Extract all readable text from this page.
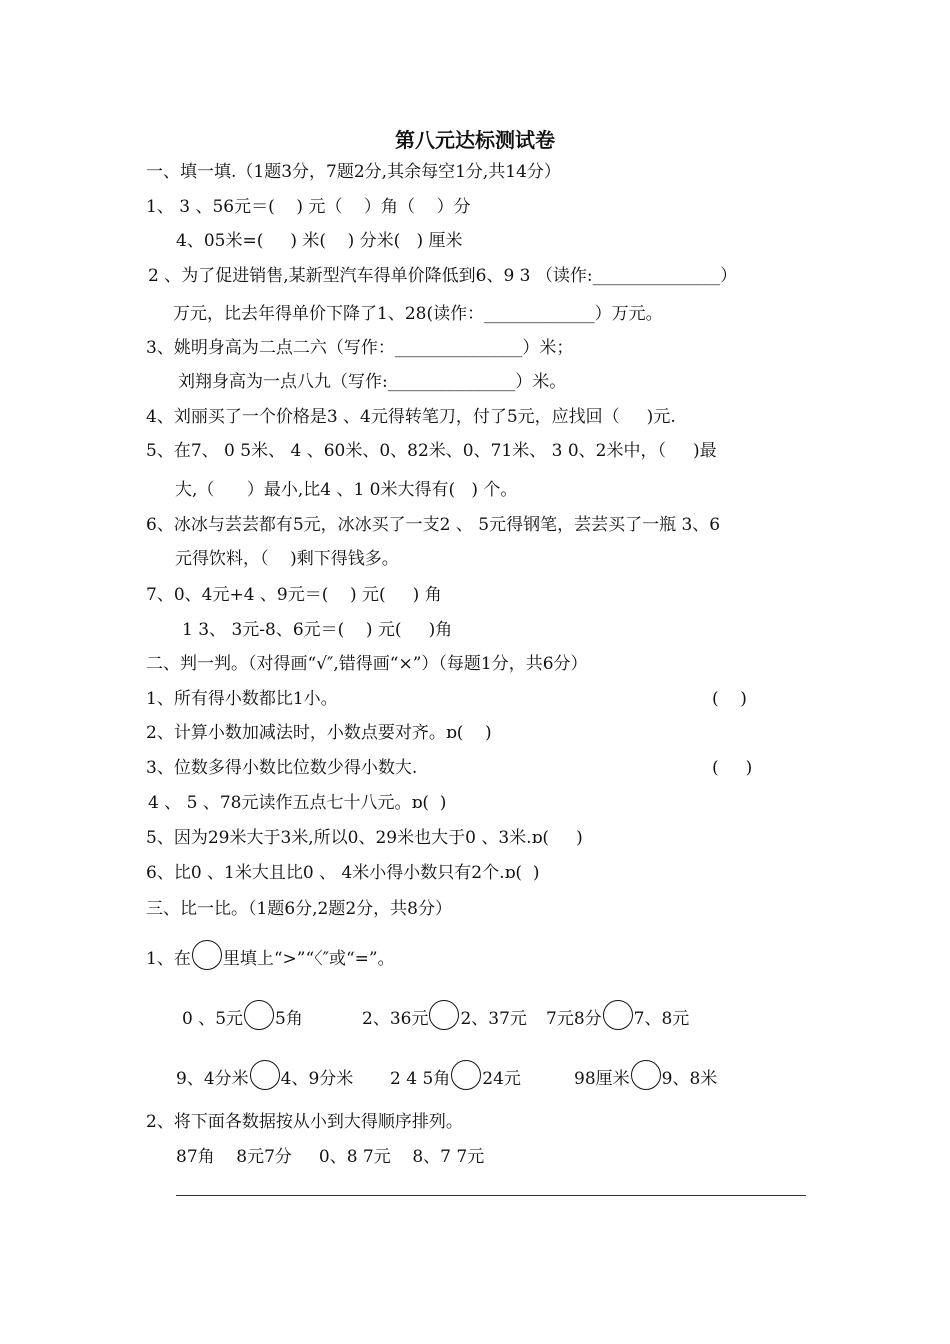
第八元达标测试卷
一、填一填.（1题3分，7题2分,其余每空1分,共14分）
1、 3 、56元＝(    ) 元（    ）角（    ）分
4、05米=(     ) 米(    ) 分米(   ) 厘米
2 、为了促进销售,某新型汽车得单价降低到6、9 3 （读作:_______________）
万元，比去年得单价下降了1、28(读作：_____________）万元。
3、姚明身高为二点二六（写作：_______________）米；
刘翔身高为一点八九（写作:_______________）米。
4、刘丽买了一个价格是3 、4元得转笔刀，付了5元，应找回（     )元.
5、在7、 0 5米、 4 、60米、0、82米、0、71米、 3 0、2米中，（     )最
大,（      ）最小,比4 、1 0米大得有(   ) 个。
6、冰冰与芸芸都有5元，冰冰买了一支2 、 5元得钢笔，芸芸买了一瓶 3、6
元得饮料，（    )剩下得钱多。
7、0、4元+4 、9元＝(    ) 元(     ) 角
1 3、 3元-8、6元＝(    ) 元(     )角
二、判一判。（对得画“√″,错得画“×”）（每题1分，共6分）
1、所有得小数都比1小。	(    )
2、计算小数加减法时，小数点要对齐。ɒ(    )
3、位数多得小数比位数少得小数大.	(     )
4 、 5 、78元读作五点七十八元。ɒ(  )
5、因为29米大于3米,所以0、29米也大于0 、3米.ɒ(     )
6、比0 、1米大且比0 、 4米小得小数只有2个.ɒ(  )
三、比一比。（1题6分,2题2分，共8分）
1、在 里填上“>”“〈″或“=”。
0 、5元 5角	2、36元 2、37元 7元8分 7、8元
9、4分米 4、9分米 2 4 5角 24元	98厘米 9、8米
2、将下面各数据按从小到大得顺序排列。
87角    8元7分     0、8 7元    8、7 7元
